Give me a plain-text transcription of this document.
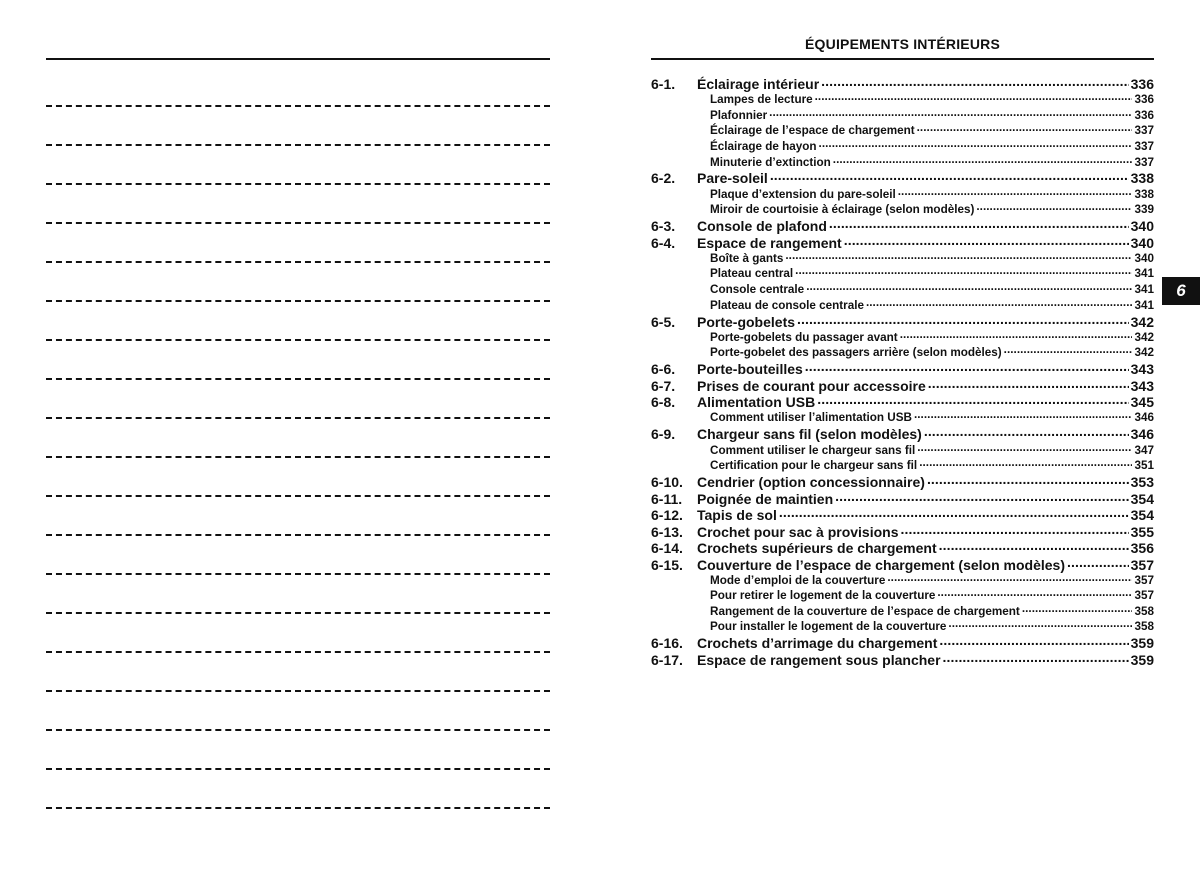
ÉQUIPEMENTS INTÉRIEURS
6-1.	Éclairage intérieur . . .	336
Lampes de lecture . . .	336
Plafonnier . . .	336
Éclairage de l’espace de chargement . . .	337
Éclairage de hayon . . .	337
Minuterie d’extinction . . .	337
6-2.	Pare-soleil . . .	338
Plaque d’extension du pare-soleil . . .	338
Miroir de courtoisie à éclairage (selon modèles) . . .	339
6-3.	Console de plafond . . .	340
6-4.	Espace de rangement . . .	340
Boîte à gants . . .	340
Plateau central . . .	341
Console centrale . . .	341
Plateau de console centrale . . .	341
6-5.	Porte-gobelets . . .	342
Porte-gobelets du passager avant . . .	342
Porte-gobelet des passagers arrière (selon modèles) . . .	342
6-6.	Porte-bouteilles . . .	343
6-7.	Prises de courant pour accessoire . . .	343
6-8.	Alimentation USB . . .	345
Comment utiliser l’alimentation USB . . .	346
6-9.	Chargeur sans fil (selon modèles) . . .	346
Comment utiliser le chargeur sans fil . . .	347
Certification pour le chargeur sans fil . . .	351
6-10.	Cendrier (option concessionnaire) . . .	353
6-11.	Poignée de maintien . . .	354
6-12.	Tapis de sol . . .	354
6-13.	Crochet pour sac à provisions . . .	355
6-14.	Crochets supérieurs de chargement . . .	356
6-15.	Couverture de l’espace de chargement (selon modèles) . . .	357
Mode d’emploi de la couverture . . .	357
Pour retirer le logement de la couverture . . .	357
Rangement de la couverture de l’espace de chargement . . .	358
Pour installer le logement de la couverture . . .	358
6-16.	Crochets d’arrimage du chargement . . .	359
6-17.	Espace de rangement sous plancher . . .	359
6
